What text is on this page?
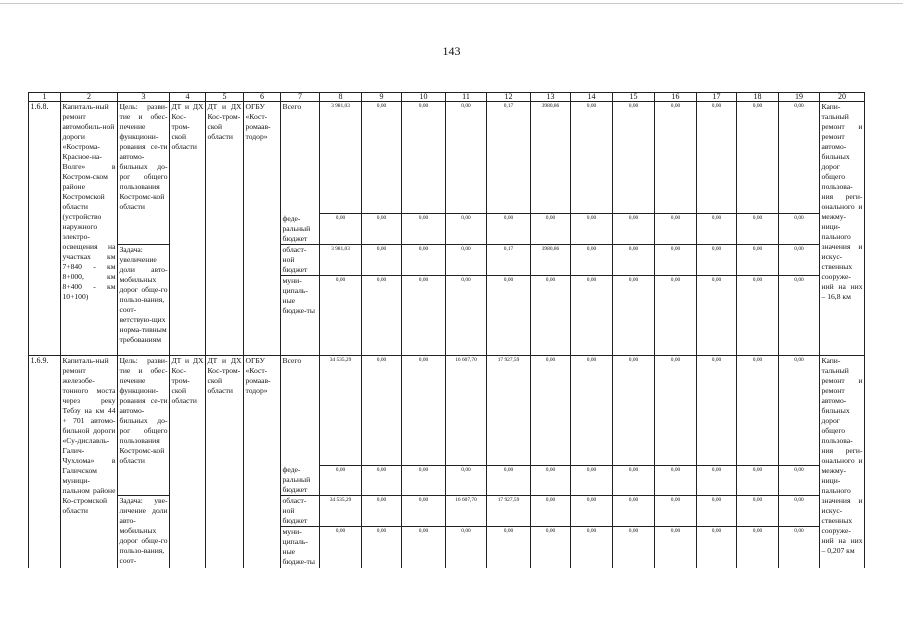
143
1	2	3	4	5	6	7	8	9	10	11	12	13	14	15	16	17	18	19	20
1.6.8.	Капиталь-ный ремонт автомобиль-ной дороги «Кострома-Красное-на-Волге» в Костром-ском районе Костромской области (устройство наружного электро-освещения на участках км 7+840 - км 8+000, км 8+400 - км 10+100)	Цель: разви-тие и обес-печение функциони-рования се-ти автомо-бильных до-рог общего пользования Костромс-кой области	ДТ и ДХ Кос-тром-ской области	ДТ и ДХ Кос-тром-ской области	ОГБУ «Кост-ромаав-тодор»	Всего	3 981,03	0,00	0,00	0,00	0,17	3980,86	0,00	0,00	0,00	0,00	0,00	0,00	Капи-тальный ремонт и ремонт автомо-бильных дорог общего пользова-ния реги-онального и межму-ници-пального значения и искус-ственных сооруже-ний на них – 16,8 км
						феде-ральный бюджет	0,00	0,00	0,00	0,00	0,00	0,00	0,00	0,00	0,00	0,00	0,00	0,00	
		Задача: увеличение доли авто-мобильных дорог обще-го пользо-вания, соот-ветствую-щих норма-тивным требованиям				област-ной бюджет	3 981,03	0,00	0,00	0,00	0,17	3980,86	0,00	0,00	0,00	0,00	0,00	0,00	
						муни-ципаль-ные бюдже-ты	0,00	0,00	0,00	0,00	0,00	0,00	0,00	0,00	0,00	0,00	0,00	0,00	
1.6.9.	Капиталь-ный ремонт железобе-тонного моста через реку Тебзу на км 44 + 701 автомо-бильной дороги «Су-диславль-Галич-Чухлома» в Галичском муници-пальном районе Ко-стромской области	Цель: разви-тие и обес-печение функциони-рования се-ти автомо-бильных до-рог общего пользования Костромс-кой области	ДТ и ДХ Кос-тром-ской области	ДТ и ДХ Кос-тром-ской области	ОГБУ «Кост-ромаав-тодор»	Всего	34 535,29	0,00	0,00	16 607,70	17 927,59	0,00	0,00	0,00	0,00	0,00	0,00	0,00	Капи-тальный ремонт и ремонт автомо-бильных дорог общего пользова-ния реги-онального и межму-ници-пального значения и искус-ственных сооруже-ний на них – 0,207 км
						феде-ральный бюджет	0,00	0,00	0,00	0,00	0,00	0,00	0,00	0,00	0,00	0,00	0,00	0,00	
		Задача: уве-личение доли авто-мобильных дорог обще-го пользо-вания, соот-				област-ной бюджет	34 535,29	0,00	0,00	16 607,70	17 927,59	0,00	0,00	0,00	0,00	0,00	0,00	0,00	
						муни-ципаль-ные бюдже-ты	0,00	0,00	0,00	0,00	0,00	0,00	0,00	0,00	0,00	0,00	0,00	0,00	
